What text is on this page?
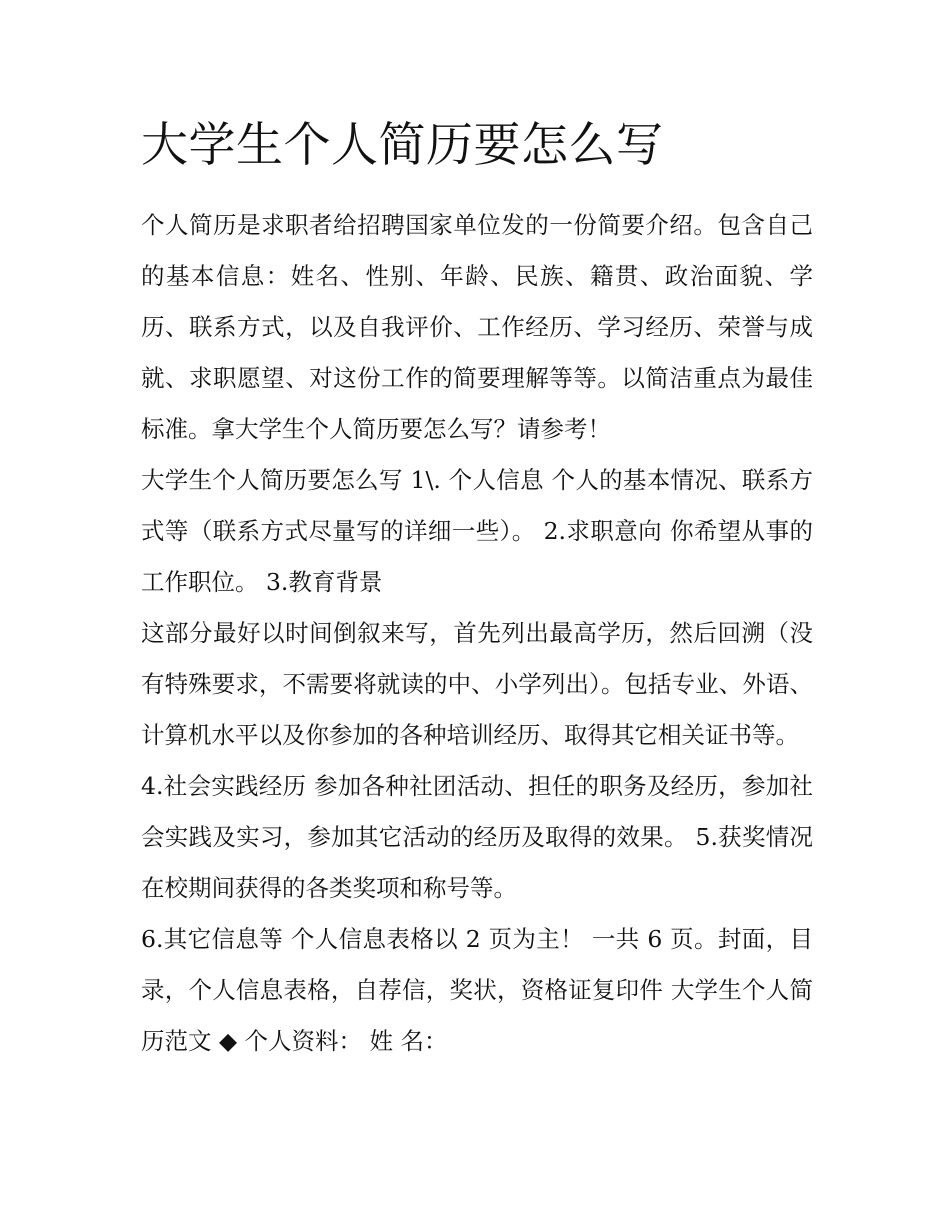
大学生个人简历要怎么写

个人简历是求职者给招聘国家单位发的一份简要介绍。包含自己的基本信息：姓名、性别、年龄、民族、籍贯、政治面貌、学历、联系方式，以及自我评价、工作经历、学习经历、荣誉与成就、求职愿望、对这份工作的简要理解等等。以简洁重点为最佳标准。拿大学生个人简历要怎么写？请参考！

大学生个人简历要怎么写 1\. 个人信息 个人的基本情况、联系方式等（联系方式尽量写的详细一些）。 2.求职意向 你希望从事的工作职位。 3.教育背景

这部分最好以时间倒叙来写，首先列出最高学历，然后回溯（没有特殊要求，不需要将就读的中、小学列出）。包括专业、外语、计算机水平以及你参加的各种培训经历、取得其它相关证书等。

4.社会实践经历 参加各种社团活动、担任的职务及经历，参加社会实践及实习，参加其它活动的经历及取得的效果。 5.获奖情况 在校期间获得的各类奖项和称号等。

6.其它信息等 个人信息表格以 2 页为主！ 一共 6 页。封面，目录，个人信息表格，自荐信，奖状，资格证复印件 大学生个人简历范文 ◆ 个人资料： 姓 名：
